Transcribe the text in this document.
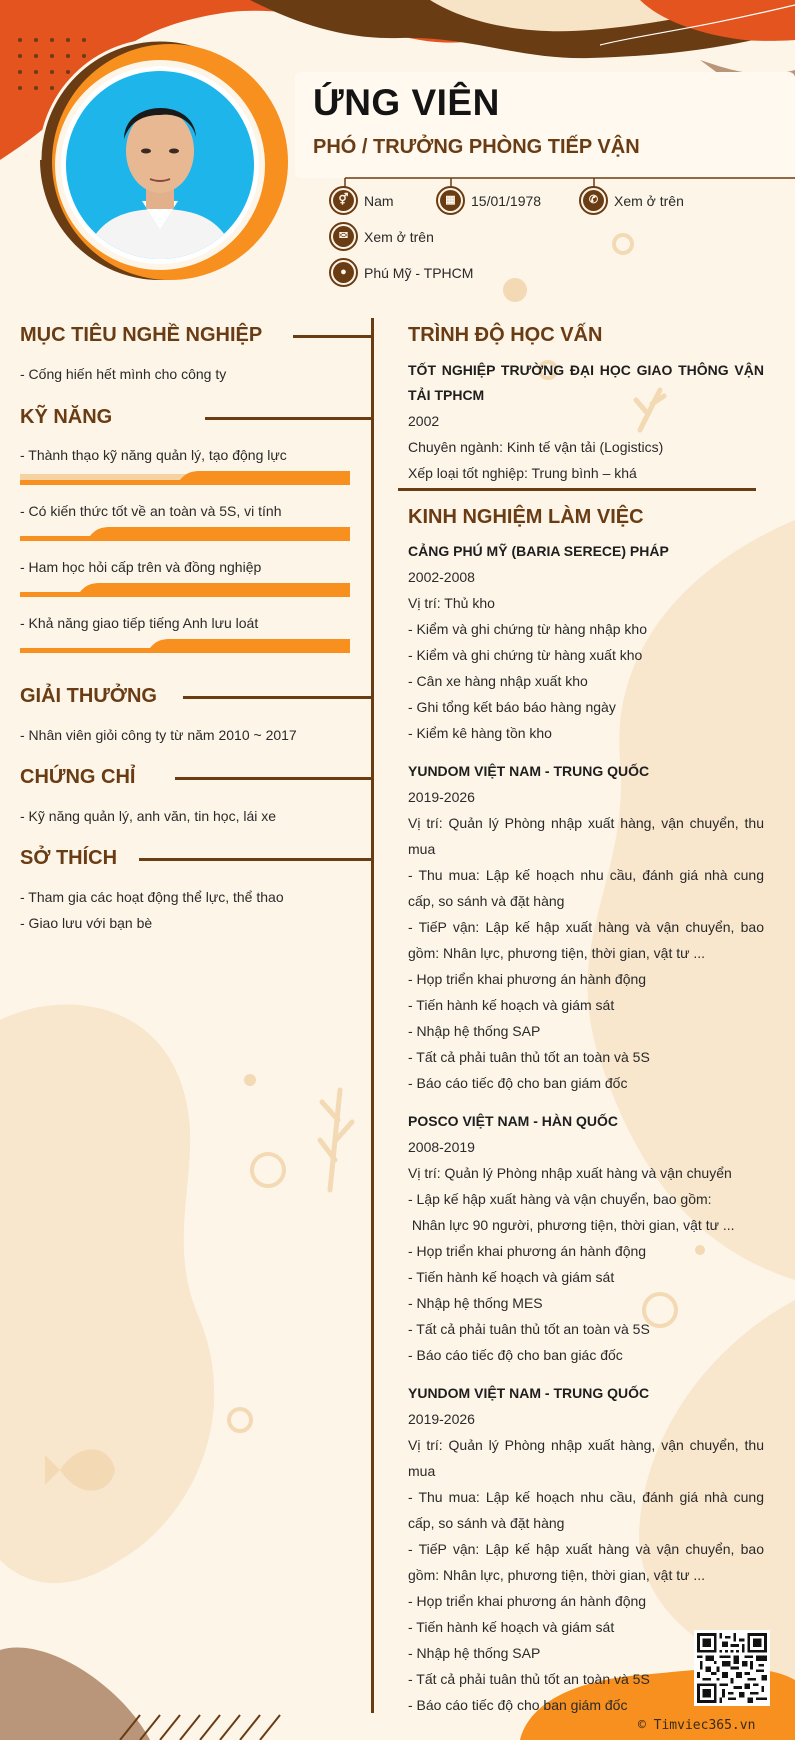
ỨNG VIÊN
PHÓ / TRƯỞNG PHÒNG TIẾP VẬN
⚥	Nam	▦	15/01/1978	✆	Xem ở trên
✉	Xem ở trên
●	Phú Mỹ - TPHCM
MỤC TIÊU NGHỀ NGHIỆP
- Cống hiến hết mình cho công ty
KỸ NĂNG
- Thành thạo kỹ năng quản lý, tạo động lực
- Có kiến thức tốt về an toàn và 5S, vi tính
- Ham học hỏi cấp trên và đồng nghiệp
- Khả năng giao tiếp tiếng Anh lưu loát
GIẢI THƯỞNG
- Nhân viên giỏi công ty từ năm 2010 ~ 2017
CHỨNG CHỈ
- Kỹ năng quản lý, anh văn, tin học, lái xe
SỞ THÍCH
- Tham gia các hoạt động thể lực, thể thao
- Giao lưu với bạn bè
TRÌNH ĐỘ HỌC VẤN
TỐT NGHIỆP TRƯỜNG ĐẠI HỌC GIAO THÔNG VẬN TẢI TPHCM
2002
Chuyên ngành: Kinh tế vận tải (Logistics)
Xếp loại tốt nghiệp: Trung bình – khá
KINH NGHIỆM LÀM VIỆC
CẢNG PHÚ MỸ (BARIA SERECE) PHÁP
2002-2008
Vị trí: Thủ kho
- Kiểm và ghi chứng từ hàng nhập kho
- Kiểm và ghi chứng từ hàng xuất kho
- Cân xe hàng nhập xuất kho
- Ghi tổng kết báo báo hàng ngày
- Kiểm kê hàng tồn kho
YUNDOM VIỆT NAM - TRUNG QUỐC
2019-2026
Vị trí: Quản lý Phòng nhập xuất hàng, vận chuyển, thu mua
- Thu mua: Lập kế hoạch nhu cầu, đánh giá nhà cung cấp, so sánh và đặt hàng
- TiếP vận: Lập kế hập xuất hàng và vận chuyển, bao gồm: Nhân lực, phương tiện, thời gian, vật tư ...
- Họp triển khai phương án hành động
- Tiến hành kế hoạch và giám sát
- Nhập hệ thống SAP
- Tất cả phải tuân thủ tốt an toàn và 5S
- Báo cáo tiếc độ cho ban giám đốc
POSCO VIỆT NAM - HÀN QUỐC
2008-2019
Vị trí: Quản lý Phòng nhập xuất hàng và vận chuyển
- Lập kế hập xuất hàng và vận chuyển, bao gồm:
Nhân lực 90 người, phương tiện, thời gian, vật tư ...
- Họp triển khai phương án hành động
- Tiến hành kế hoạch và giám sát
- Nhập hệ thống MES
- Tất cả phải tuân thủ tốt an toàn và 5S
- Báo cáo tiếc độ cho ban giác đốc
YUNDOM VIỆT NAM - TRUNG QUỐC
2019-2026
Vị trí: Quản lý Phòng nhập xuất hàng, vận chuyển, thu mua
- Thu mua: Lập kế hoạch nhu cầu, đánh giá nhà cung cấp, so sánh và đặt hàng
- TiếP vận: Lập kế hập xuất hàng và vận chuyển, bao gồm: Nhân lực, phương tiện, thời gian, vật tư ...
- Họp triển khai phương án hành động
- Tiến hành kế hoạch và giám sát
- Nhập hệ thống SAP
- Tất cả phải tuân thủ tốt an toàn và 5S
- Báo cáo tiếc độ cho ban giám đốc
© Timviec365.vn
